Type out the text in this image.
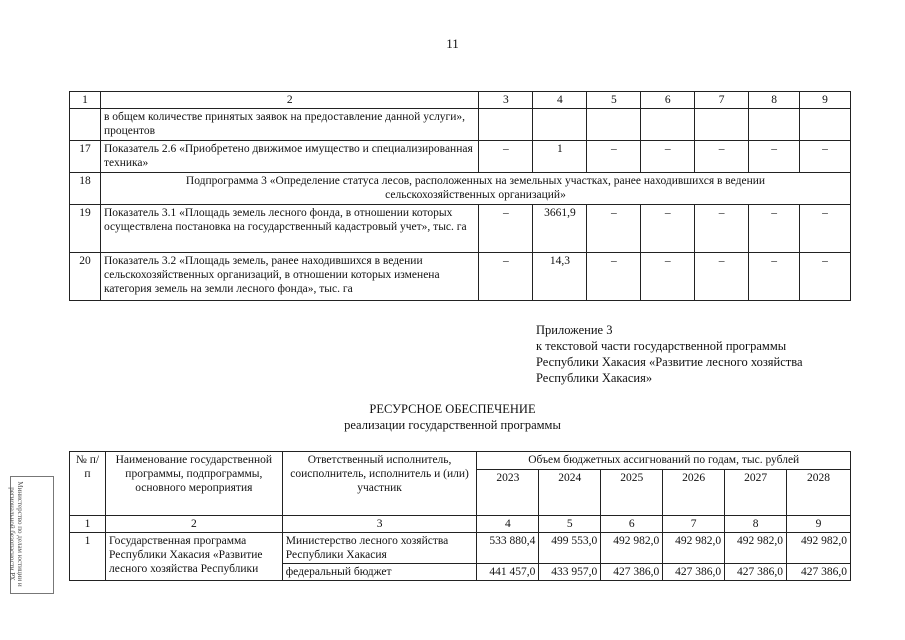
11
1	2	3	4	5	6	7	8	9
	в общем количестве принятых заявок на предоставление данной услуги», процентов							
17	Показатель 2.6 «Приобретено движимое имущество и специализированная техника»	–	1	–	–	–	–	–
18	Подпрограмма 3 «Определение статуса лесов, расположенных на земельных участках, ранее находившихся в ведении сельскохозяйственных организаций»							
19	Показатель 3.1 «Площадь земель лесного фонда, в отношении которых осуществлена постановка на государственный кадастровый учет», тыс. га	–	3661,9	–	–	–	–	–
20	Показатель 3.2 «Площадь земель, ранее находившихся в ведении сельскохозяйственных организаций, в отношении которых изменена категория земель на земли лесного фонда», тыс. га	–	14,3	–	–	–	–	–
Приложение 3
к текстовой части государственной программы
Республики Хакасия «Развитие лесного хозяйства
Республики Хакасия»
РЕСУРСНОЕ ОБЕСПЕЧЕНИЕ
реализации государственной программы
№ п/п	Наименование государственной программы, подпрограммы, основного мероприятия	Ответственный исполнитель, соисполнитель, исполнитель и (или) участник	Объем бюджетных ассигнований по годам, тыс. рублей					
			2023	2024	2025	2026	2027	2028
1	2	3	4	5	6	7	8	9
1	Государственная программа Республики Хакасия «Развитие лесного хозяйства Республики	Министерство лесного хозяйства Республики Хакасия	533 880,4	499 553,0	492 982,0	492 982,0	492 982,0	492 982,0
		федеральный бюджет	441 457,0	433 957,0	427 386,0	427 386,0	427 386,0	427 386,0
Министерство по делам юстиции и региональной безопасности РХ
